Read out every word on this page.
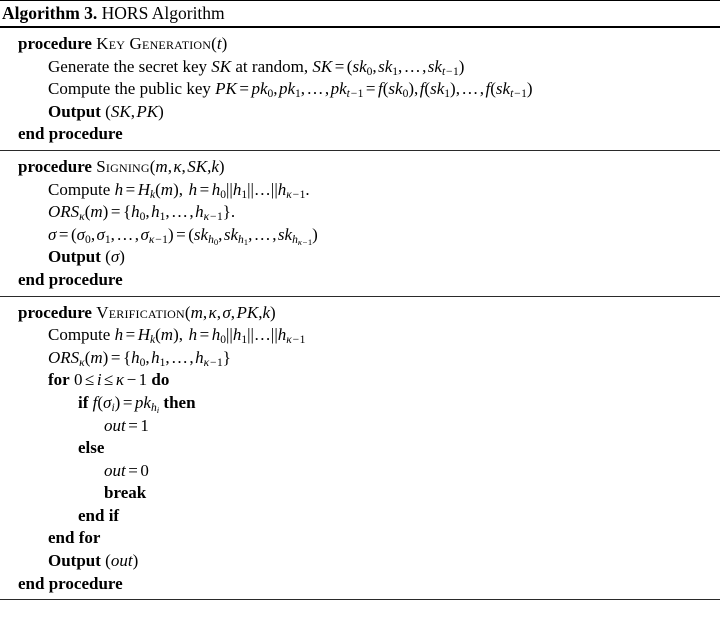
Algorithm 3. HORS Algorithm
procedure Key Generation(t)
Generate the secret key SK at random, SK = ($sk_0$, $sk_1$, … , $sk_{t-1}$)
Compute the public key PK = $pk_0$, $pk_1$, … , $pk_{t-1} = f(sk_0)$, $f(sk_1)$, … , $f(sk_{t-1})$
Output (SK, PK)
end procedure
procedure Signing(m, κ, SK,k)
Compute $h = H_k(m)$,  $h = h_0||h_1||\dots||h_{\kappa-1}$.
$ORS_\kappa(m) = \{h_0$, $h_1$, … , $h_{\kappa-1}$}.
$\sigma = (\sigma_0$, $\sigma_1$, … , $\sigma_{\kappa-1}) = (sk_{h_0}$, $sk_{h_1}$, … , $sk_{h_{\kappa-1}}$)
Output (σ)
end procedure
procedure Verification(m, κ, σ, PK,k)
Compute $h = H_k(m)$,  $h = h_0||h_1||\dots||h_{\kappa-1}$
$ORS_\kappa(m) = \{h_0$, $h_1$, … , $h_{\kappa-1}$}
for 0 ≤ i ≤ κ − 1 do
if $f(\sigma_i) = pk_{h_i}$ then
out = 1
else
out = 0
break
end if
end for
Output (out)
end procedure
